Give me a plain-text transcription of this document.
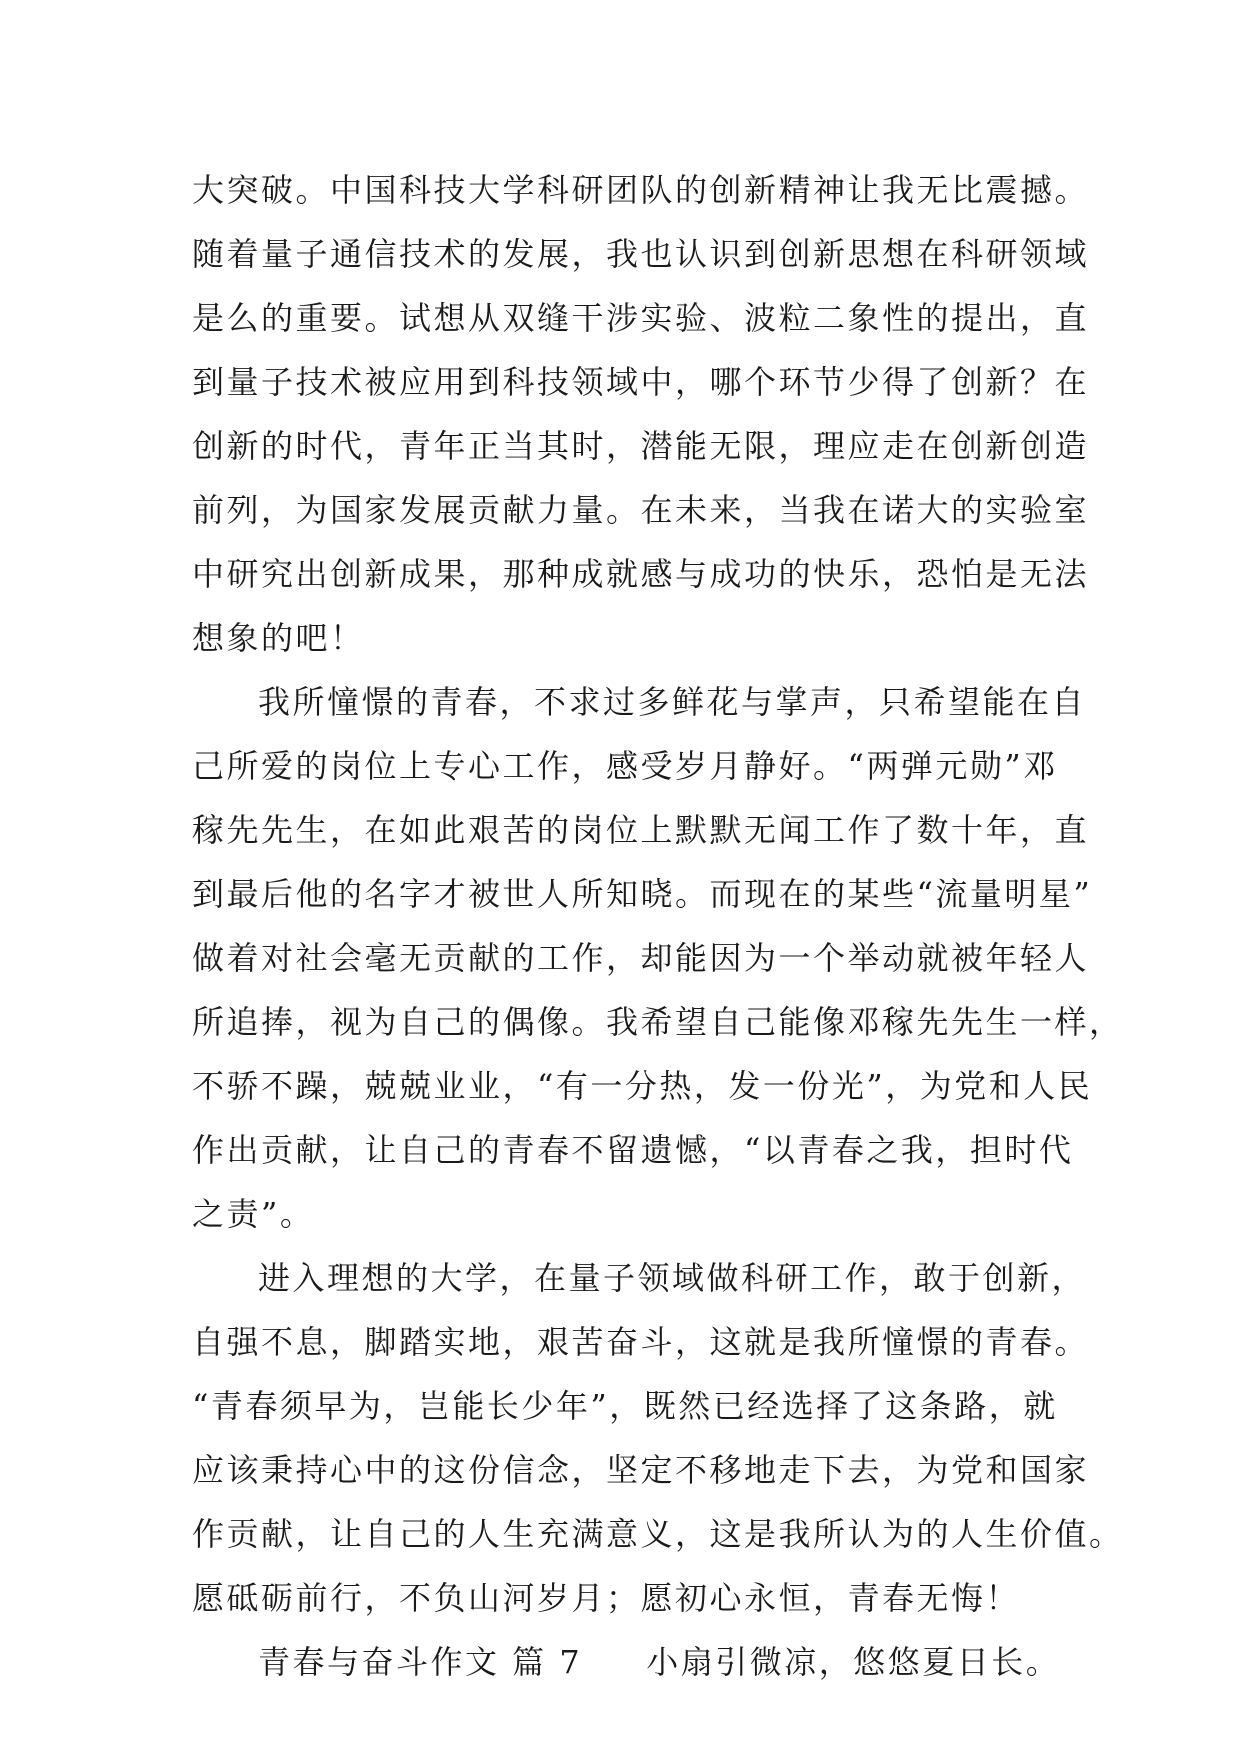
大突破。中国科技大学科研团队的创新精神让我无比震撼。
随着量子通信技术的发展，我也认识到创新思想在科研领域
是么的重要。试想从双缝干涉实验、波粒二象性的提出，直
到量子技术被应用到科技领域中，哪个环节少得了创新？在
创新的时代，青年正当其时，潜能无限，理应走在创新创造
前列，为国家发展贡献力量。在未来，当我在诺大的实验室
中研究出创新成果，那种成就感与成功的快乐，恐怕是无法
想象的吧！
我所憧憬的青春，不求过多鲜花与掌声，只希望能在自
己所爱的岗位上专心工作，感受岁月静好。“两弹元勋”邓
稼先先生，在如此艰苦的岗位上默默无闻工作了数十年，直
到最后他的名字才被世人所知晓。而现在的某些“流量明星”
做着对社会毫无贡献的工作，却能因为一个举动就被年轻人
所追捧，视为自己的偶像。我希望自己能像邓稼先先生一样，
不骄不躁，兢兢业业，“有一分热，发一份光”，为党和人民
作出贡献，让自己的青春不留遗憾，“以青春之我，担时代
之责”。
进入理想的大学，在量子领域做科研工作，敢于创新，
自强不息，脚踏实地，艰苦奋斗，这就是我所憧憬的青春。
“青春须早为，岂能长少年”，既然已经选择了这条路，就
应该秉持心中的这份信念，坚定不移地走下去，为党和国家
作贡献，让自己的人生充满意义，这是我所认为的人生价值。
愿砥砺前行，不负山河岁月；愿初心永恒，青春无悔！
青春与奋斗作文 篇 7 小扇引微凉，悠悠夏日长。
